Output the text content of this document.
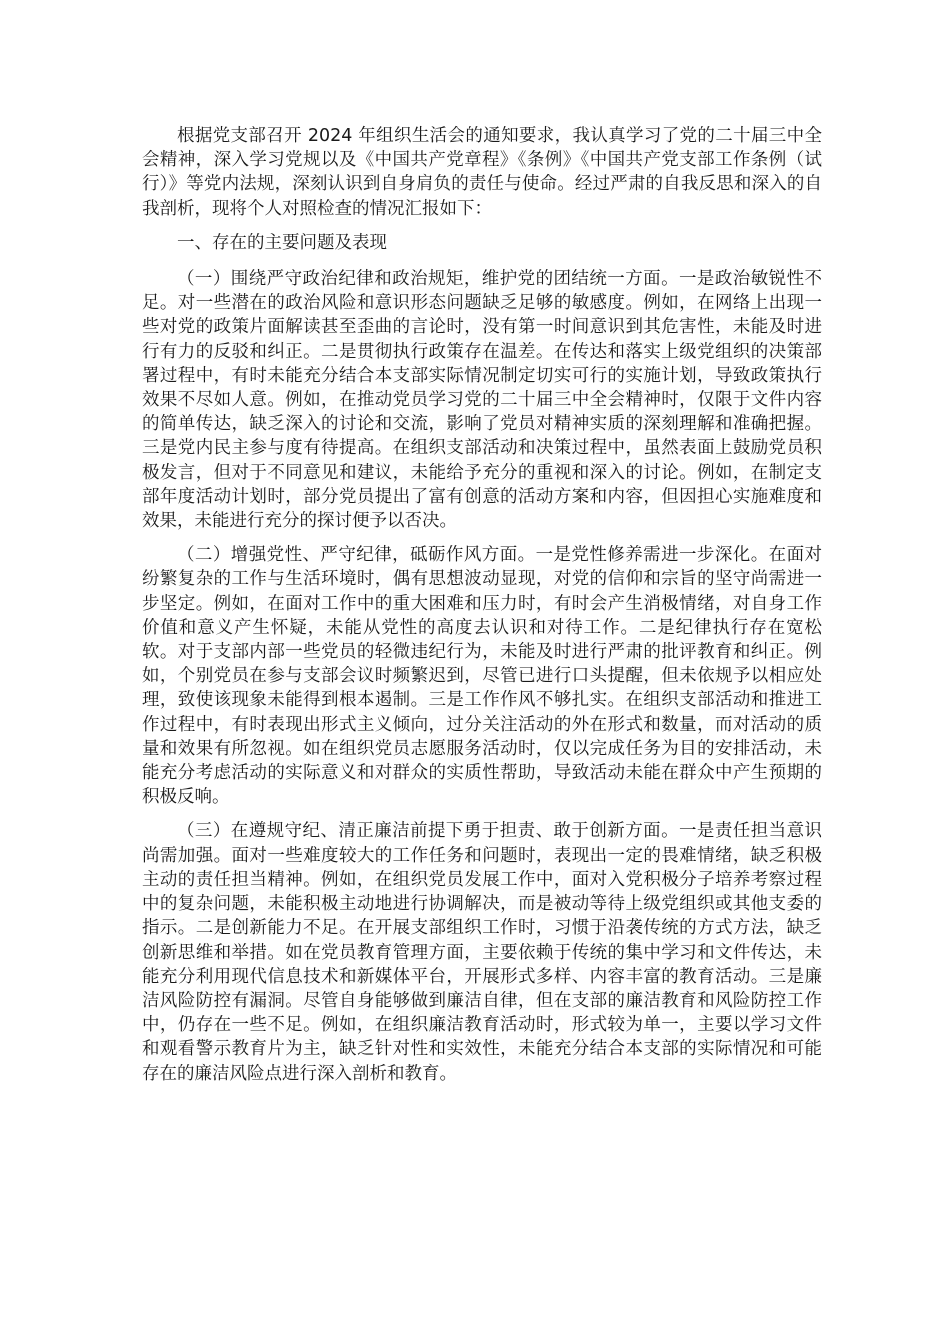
根据党支部召开 2024 年组织生活会的通知要求，我认真学习了党的二十届三中全会精神，深入学习党规以及《中国共产党章程》《条例》《中国共产党支部工作条例（试行）》等党内法规，深刻认识到自身肩负的责任与使命。经过严肃的自我反思和深入的自我剖析，现将个人对照检查的情况汇报如下：

一、存在的主要问题及表现

（一）围绕严守政治纪律和政治规矩，维护党的团结统一方面。一是政治敏锐性不足。对一些潜在的政治风险和意识形态问题缺乏足够的敏感度。例如，在网络上出现一些对党的政策片面解读甚至歪曲的言论时，没有第一时间意识到其危害性，未能及时进行有力的反驳和纠正。二是贯彻执行政策存在温差。在传达和落实上级党组织的决策部署过程中，有时未能充分结合本支部实际情况制定切实可行的实施计划，导致政策执行效果不尽如人意。例如，在推动党员学习党的二十届三中全会精神时，仅限于文件内容的简单传达，缺乏深入的讨论和交流，影响了党员对精神实质的深刻理解和准确把握。三是党内民主参与度有待提高。在组织支部活动和决策过程中，虽然表面上鼓励党员积极发言，但对于不同意见和建议，未能给予充分的重视和深入的讨论。例如，在制定支部年度活动计划时，部分党员提出了富有创意的活动方案和内容，但因担心实施难度和效果，未能进行充分的探讨便予以否决。

（二）增强党性、严守纪律，砥砺作风方面。一是党性修养需进一步深化。在面对纷繁复杂的工作与生活环境时，偶有思想波动显现，对党的信仰和宗旨的坚守尚需进一步坚定。例如，在面对工作中的重大困难和压力时，有时会产生消极情绪，对自身工作价值和意义产生怀疑，未能从党性的高度去认识和对待工作。二是纪律执行存在宽松软。对于支部内部一些党员的轻微违纪行为，未能及时进行严肃的批评教育和纠正。例如，个别党员在参与支部会议时频繁迟到，尽管已进行口头提醒，但未依规予以相应处理，致使该现象未能得到根本遏制。三是工作作风不够扎实。在组织支部活动和推进工作过程中，有时表现出形式主义倾向，过分关注活动的外在形式和数量，而对活动的质量和效果有所忽视。如在组织党员志愿服务活动时，仅以完成任务为目的安排活动，未能充分考虑活动的实际意义和对群众的实质性帮助，导致活动未能在群众中产生预期的积极反响。

（三）在遵规守纪、清正廉洁前提下勇于担责、敢于创新方面。一是责任担当意识尚需加强。面对一些难度较大的工作任务和问题时，表现出一定的畏难情绪，缺乏积极主动的责任担当精神。例如，在组织党员发展工作中，面对入党积极分子培养考察过程中的复杂问题，未能积极主动地进行协调解决，而是被动等待上级党组织或其他支委的指示。二是创新能力不足。在开展支部组织工作时，习惯于沿袭传统的方式方法，缺乏创新思维和举措。如在党员教育管理方面，主要依赖于传统的集中学习和文件传达，未能充分利用现代信息技术和新媒体平台，开展形式多样、内容丰富的教育活动。三是廉洁风险防控有漏洞。尽管自身能够做到廉洁自律，但在支部的廉洁教育和风险防控工作中，仍存在一些不足。例如，在组织廉洁教育活动时，形式较为单一，主要以学习文件和观看警示教育片为主，缺乏针对性和实效性，未能充分结合本支部的实际情况和可能存在的廉洁风险点进行深入剖析和教育。
